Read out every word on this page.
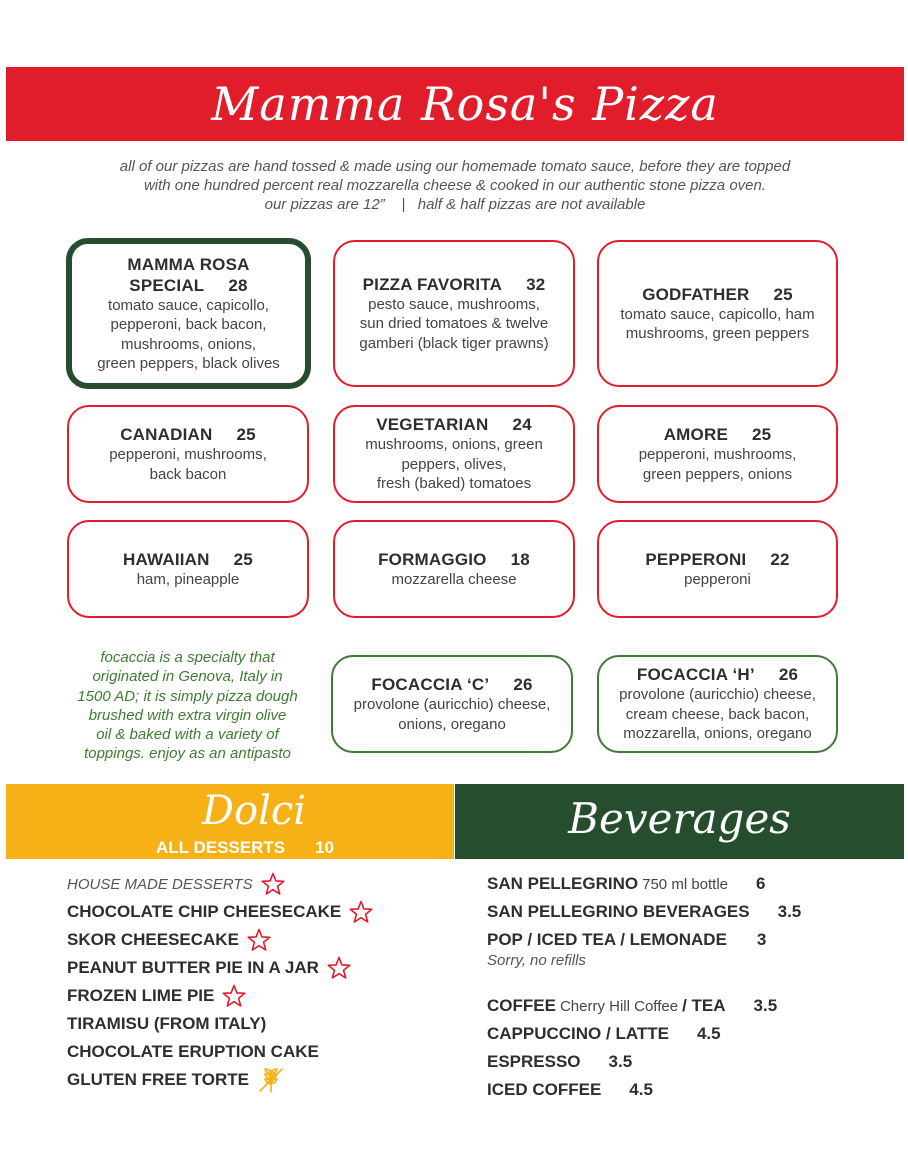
Mamma Rosa's Pizza
all of our pizzas are hand tossed & made using our homemade tomato sauce, before they are topped
with one hundred percent real mozzarella cheese & cooked in our authentic stone pizza oven.
our pizzas are 12”    |   half & half pizzas are not available
MAMMA ROSA
SPECIAL 28
tomato sauce, capicollo,
pepperoni, back bacon,
mushrooms, onions,
green peppers, black olives
PIZZA FAVORITA 32
pesto sauce, mushrooms,
sun dried tomatoes & twelve
gamberi (black tiger prawns)
GODFATHER 25
tomato sauce, capicollo, ham
mushrooms, green peppers
CANADIAN 25
pepperoni, mushrooms,
back bacon
VEGETARIAN 24
mushrooms, onions, green
peppers, olives,
fresh (baked) tomatoes
AMORE 25
pepperoni, mushrooms,
green peppers, onions
HAWAIIAN 25
ham, pineapple
FORMAGGIO 18
mozzarella cheese
PEPPERONI 22
pepperoni
focaccia is a specialty that
originated in Genova, Italy in
1500 AD; it is simply pizza dough
brushed with extra virgin olive
oil & baked with a variety of
toppings. enjoy as an antipasto
FOCACCIA ‘C’ 26
provolone (auricchio) cheese,
onions, oregano
FOCACCIA ‘H’ 26
provolone (auricchio) cheese,
cream cheese, back bacon,
mozzarella, onions, oregano
Dolci
ALL DESSERTS 10
Beverages
HOUSE MADE DESSERTS
CHOCOLATE CHIP CHEESECAKE
SKOR CHEESECAKE
PEANUT BUTTER PIE IN A JAR
FROZEN LIME PIE
TIRAMISU (FROM ITALY)
CHOCOLATE ERUPTION CAKE
GLUTEN FREE TORTE
SAN PELLEGRINO 750 ml bottle 6
SAN PELLEGRINO BEVERAGES 3.5
POP / ICED TEA / LEMONADE 3
Sorry, no refills
COFFEE Cherry Hill Coffee / TEA 3.5
CAPPUCCINO / LATTE 4.5
ESPRESSO 3.5
ICED COFFEE 4.5
